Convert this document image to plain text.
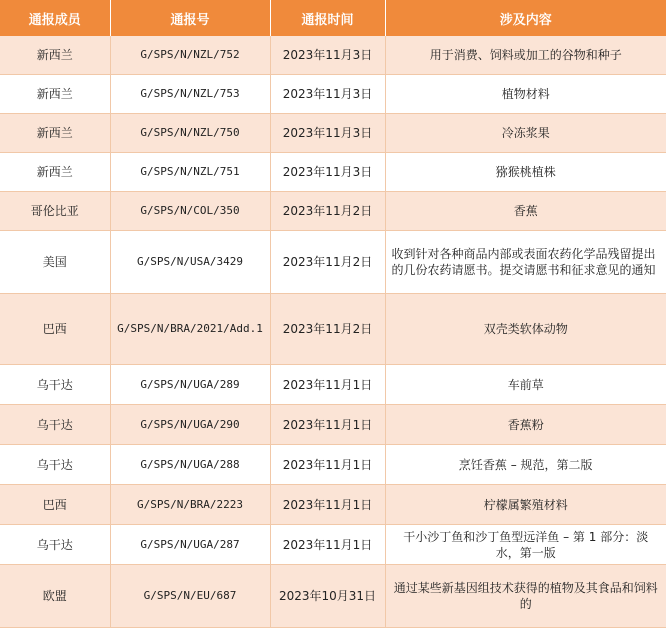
通报成员	通报号	通报时间	涉及内容
新西兰	G/SPS/N/NZL/752	2023年11月3日	用于消费、饲料或加工的谷物和种子
新西兰	G/SPS/N/NZL/753	2023年11月3日	植物材料
新西兰	G/SPS/N/NZL/750	2023年11月3日	冷冻浆果
新西兰	G/SPS/N/NZL/751	2023年11月3日	猕猴桃植株
哥伦比亚	G/SPS/N/COL/350	2023年11月2日	香蕉
美国	G/SPS/N/USA/3429	2023年11月2日	收到针对各种商品内部或表面农药化学品残留提出的几份农药请愿书。提交请愿书和征求意见的通知
巴西	G/SPS/N/BRA/2021/Add.1	2023年11月2日	双壳类软体动物
乌干达	G/SPS/N/UGA/289	2023年11月1日	车前草
乌干达	G/SPS/N/UGA/290	2023年11月1日	香蕉粉
乌干达	G/SPS/N/UGA/288	2023年11月1日	烹饪香蕉 – 规范，第二版
巴西	G/SPS/N/BRA/2223	2023年11月1日	柠檬属繁殖材料
乌干达	G/SPS/N/UGA/287	2023年11月1日	干小沙丁鱼和沙丁鱼型远洋鱼 – 第 1 部分：淡水，第一版
欧盟	G/SPS/N/EU/687	2023年10月31日	通过某些新基因组技术获得的植物及其食品和饲料的
